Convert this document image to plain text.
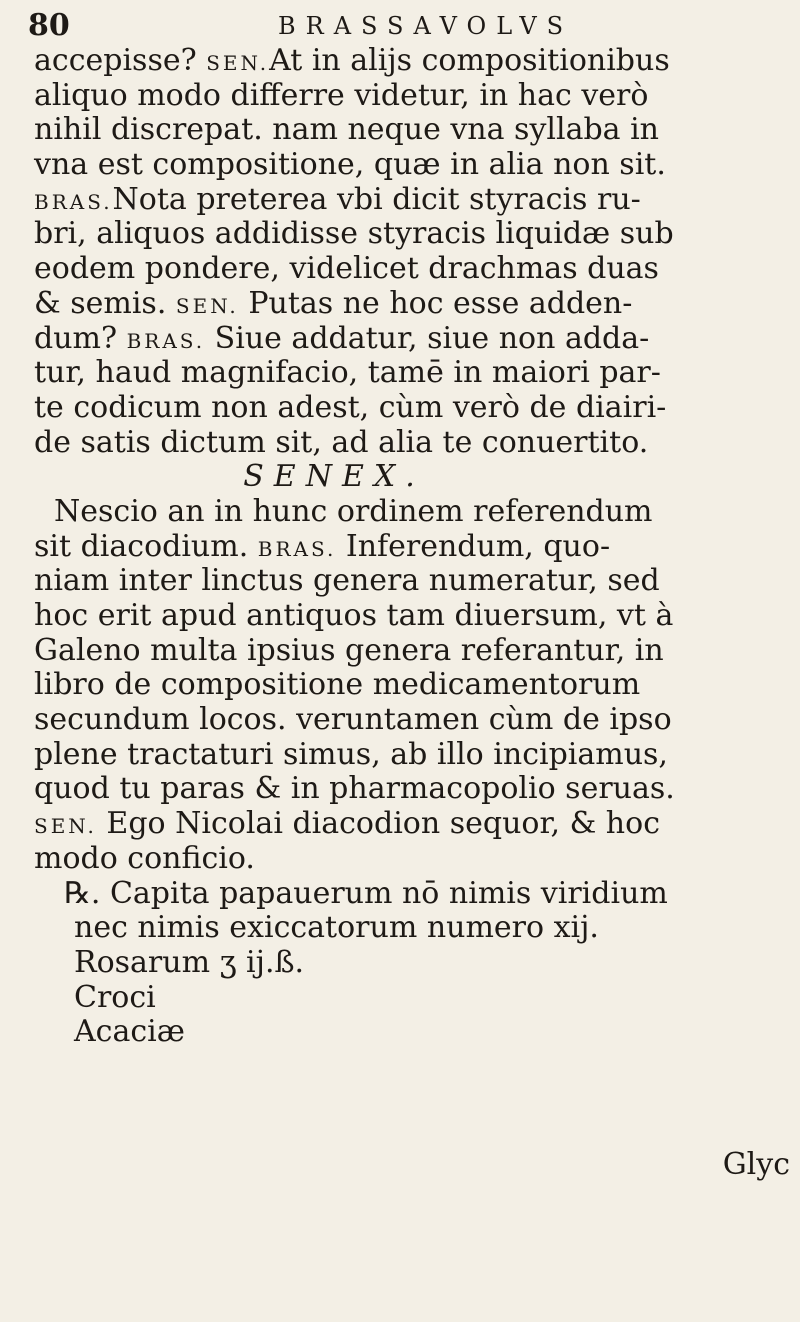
80	BRASSAVOLVS
accepisse? SEN.At in alijs compositionibus
aliquo modo differre videtur, in hac verò
nihil discrepat. nam neque vna syllaba in
vna est compositione, quæ in alia non sit.
BRAS.Nota preterea vbi dicit styracis ru-
bri, aliquos addidisse styracis liquidæ sub
eodem pondere, videlicet drachmas duas
& semis. SEN. Putas ne hoc esse adden-
dum? BRAS. Siue addatur, siue non adda-
tur, haud magnifacio, tamē in maiori par-
te codicum non adest, cùm verò de diairi-
de satis dictum sit, ad alia te conuertito.
SENEX.
Nescio an in hunc ordinem referendum
sit diacodium. BRAS. Inferendum, quo-
niam inter linctus genera numeratur, sed
hoc erit apud antiquos tam diuersum, vt à
Galeno multa ipsius genera referantur, in
libro de compositione medicamentorum
secundum locos. veruntamen cùm de ipso
plene tractaturi simus, ab illo incipiamus,
quod tu paras & in pharmacopolio seruas.
SEN. Ego Nicolai diacodion sequor, & hoc
modo conficio.
℞. Capita papauerum nō nimis viridium
nec nimis exiccatorum numero xij.
Rosarum ʒ ij.ß.
Croci
Acaciæ
Glyc
